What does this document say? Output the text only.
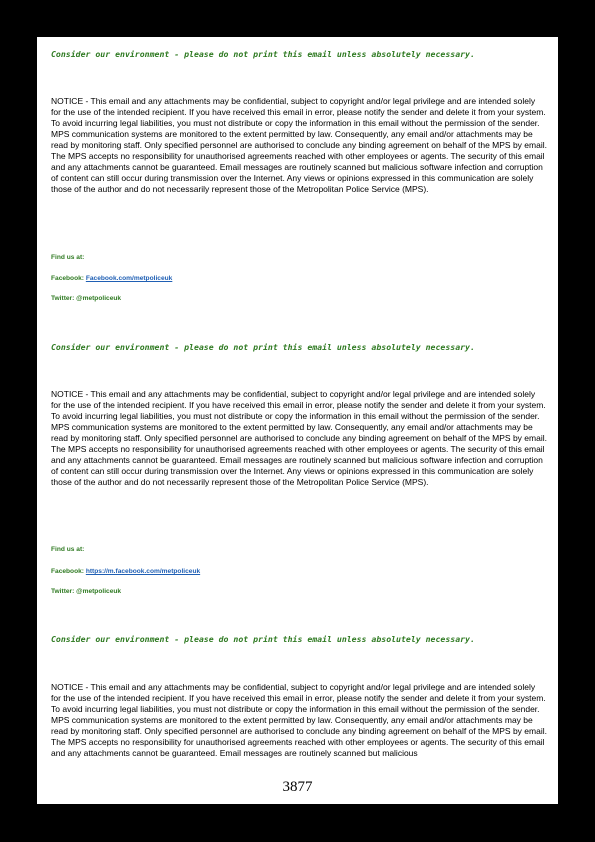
Consider our environment - please do not print this email unless absolutely necessary.

NOTICE - This email and any attachments may be confidential, subject to copyright and/or legal privilege and are intended solely for the use of the intended recipient. If you have received this email in error, please notify the sender and delete it from your system. To avoid incurring legal liabilities, you must not distribute or copy the information in this email without the permission of the sender. MPS communication systems are monitored to the extent permitted by law. Consequently, any email and/or attachments may be read by monitoring staff. Only specified personnel are authorised to conclude any binding agreement on behalf of the MPS by email. The MPS accepts no responsibility for unauthorised agreements reached with other employees or agents. The security of this email and any attachments cannot be guaranteed. Email messages are routinely scanned but malicious software infection and corruption of content can still occur during transmission over the Internet. Any views or opinions expressed in this communication are solely those of the author and do not necessarily represent those of the Metropolitan Police Service (MPS).

Find us at:
Facebook: Facebook.com/metpoliceuk
Twitter: @metpoliceuk
Consider our environment - please do not print this email unless absolutely necessary.

NOTICE - This email and any attachments may be confidential, subject to copyright and/or legal privilege and are intended solely for the use of the intended recipient. If you have received this email in error, please notify the sender and delete it from your system. To avoid incurring legal liabilities, you must not distribute or copy the information in this email without the permission of the sender. MPS communication systems are monitored to the extent permitted by law. Consequently, any email and/or attachments may be read by monitoring staff. Only specified personnel are authorised to conclude any binding agreement on behalf of the MPS by email. The MPS accepts no responsibility for unauthorised agreements reached with other employees or agents. The security of this email and any attachments cannot be guaranteed. Email messages are routinely scanned but malicious software infection and corruption of content can still occur during transmission over the Internet. Any views or opinions expressed in this communication are solely those of the author and do not necessarily represent those of the Metropolitan Police Service (MPS).

Find us at:
Facebook: https://m.facebook.com/metpoliceuk
Twitter: @metpoliceuk
Consider our environment - please do not print this email unless absolutely necessary.

NOTICE - This email and any attachments may be confidential, subject to copyright and/or legal privilege and are intended solely for the use of the intended recipient. If you have received this email in error, please notify the sender and delete it from your system. To avoid incurring legal liabilities, you must not distribute or copy the information in this email without the permission of the sender. MPS communication systems are monitored to the extent permitted by law. Consequently, any email and/or attachments may be read by monitoring staff. Only specified personnel are authorised to conclude any binding agreement on behalf of the MPS by email. The MPS accepts no responsibility for unauthorised agreements reached with other employees or agents. The security of this email and any attachments cannot be guaranteed. Email messages are routinely scanned but malicious

3877
